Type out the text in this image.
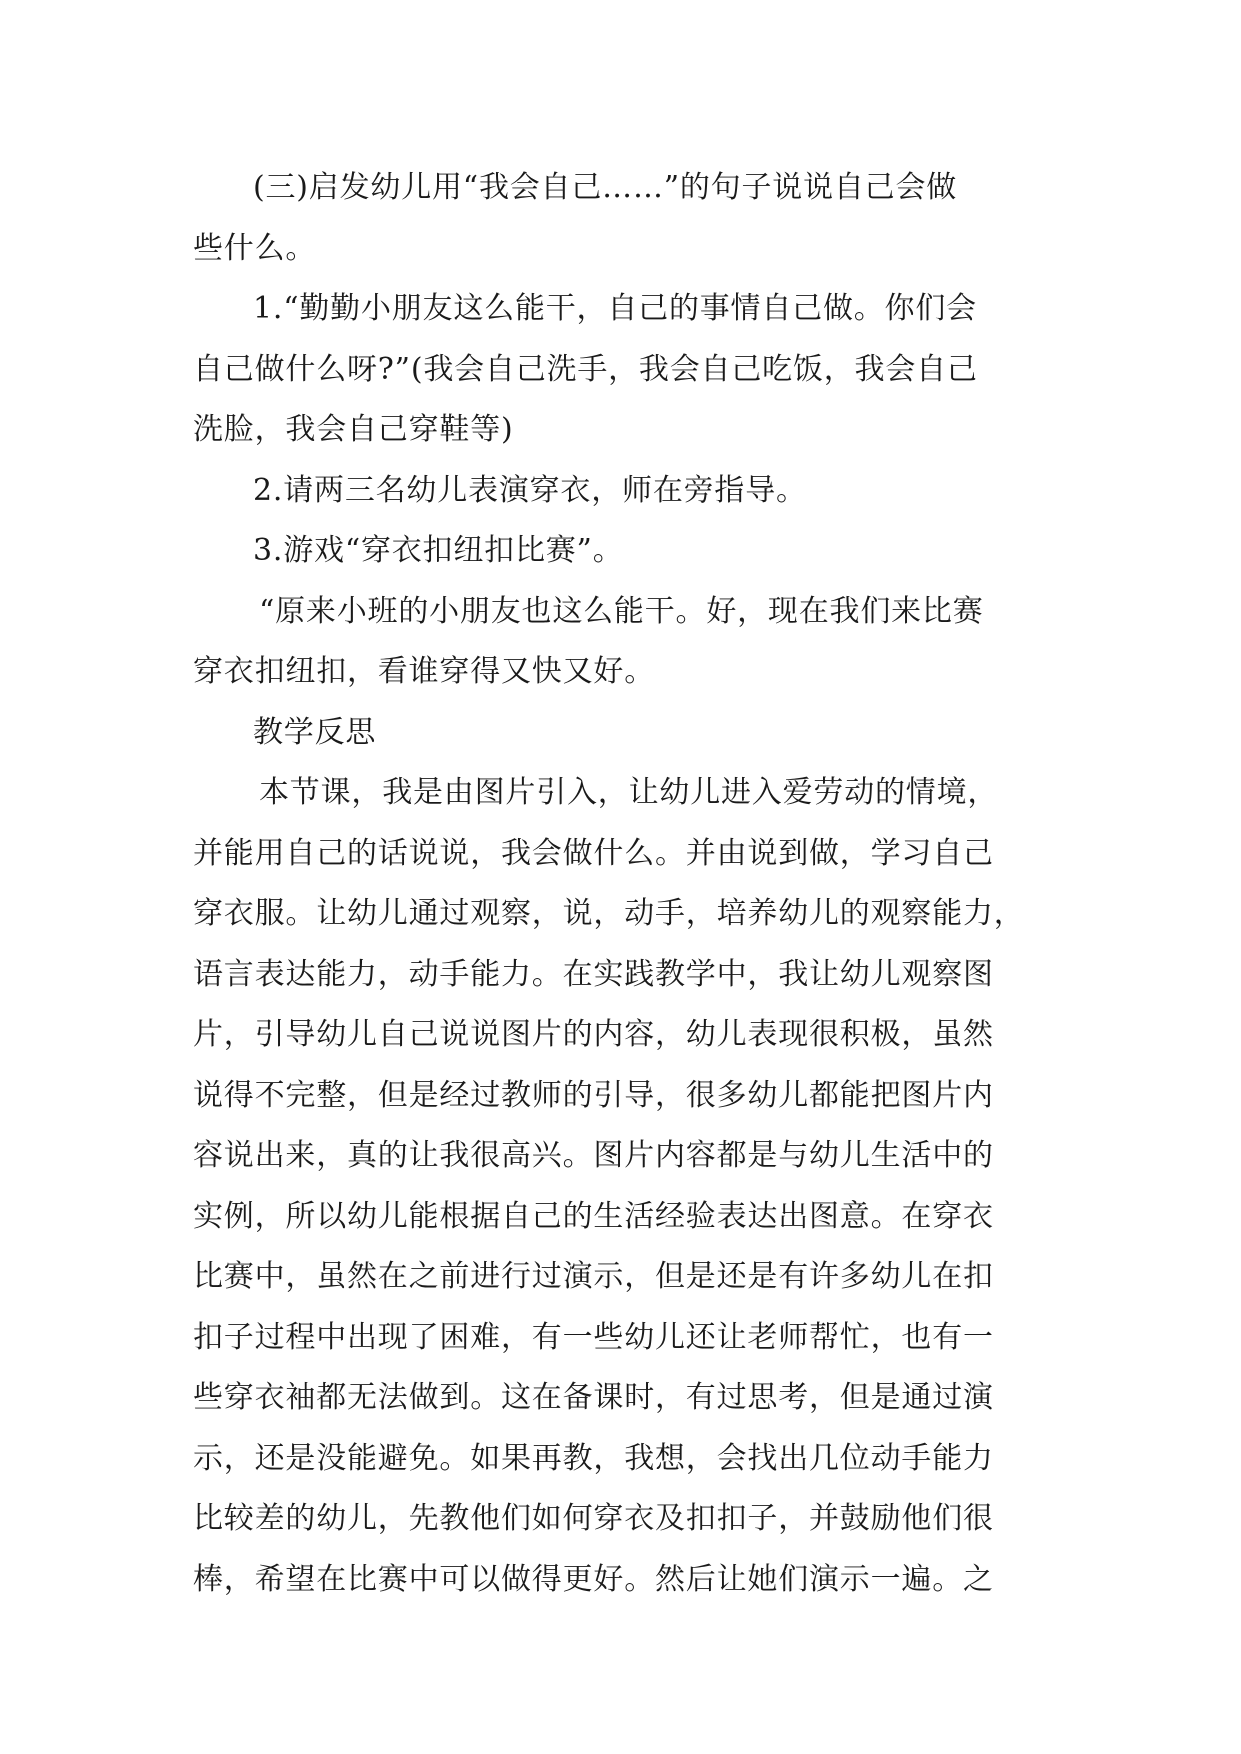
(三)启发幼儿用“我会自己……”的句子说说自己会做
些什么。
1.“勤勤小朋友这么能干，自己的事情自己做。你们会
自己做什么呀?”(我会自己洗手，我会自己吃饭，我会自己
洗脸，我会自己穿鞋等)
2.请两三名幼儿表演穿衣，师在旁指导。
3.游戏“穿衣扣纽扣比赛”。
“原来小班的小朋友也这么能干。好，现在我们来比赛
穿衣扣纽扣，看谁穿得又快又好。
教学反思
本节课，我是由图片引入，让幼儿进入爱劳动的情境，
并能用自己的话说说，我会做什么。并由说到做，学习自己
穿衣服。让幼儿通过观察，说，动手，培养幼儿的观察能力，
语言表达能力，动手能力。在实践教学中，我让幼儿观察图
片，引导幼儿自己说说图片的内容，幼儿表现很积极，虽然
说得不完整，但是经过教师的引导，很多幼儿都能把图片内
容说出来，真的让我很高兴。图片内容都是与幼儿生活中的
实例，所以幼儿能根据自己的生活经验表达出图意。在穿衣
比赛中，虽然在之前进行过演示，但是还是有许多幼儿在扣
扣子过程中出现了困难，有一些幼儿还让老师帮忙，也有一
些穿衣袖都无法做到。这在备课时，有过思考，但是通过演
示，还是没能避免。如果再教，我想，会找出几位动手能力
比较差的幼儿，先教他们如何穿衣及扣扣子，并鼓励他们很
棒，希望在比赛中可以做得更好。然后让她们演示一遍。之
